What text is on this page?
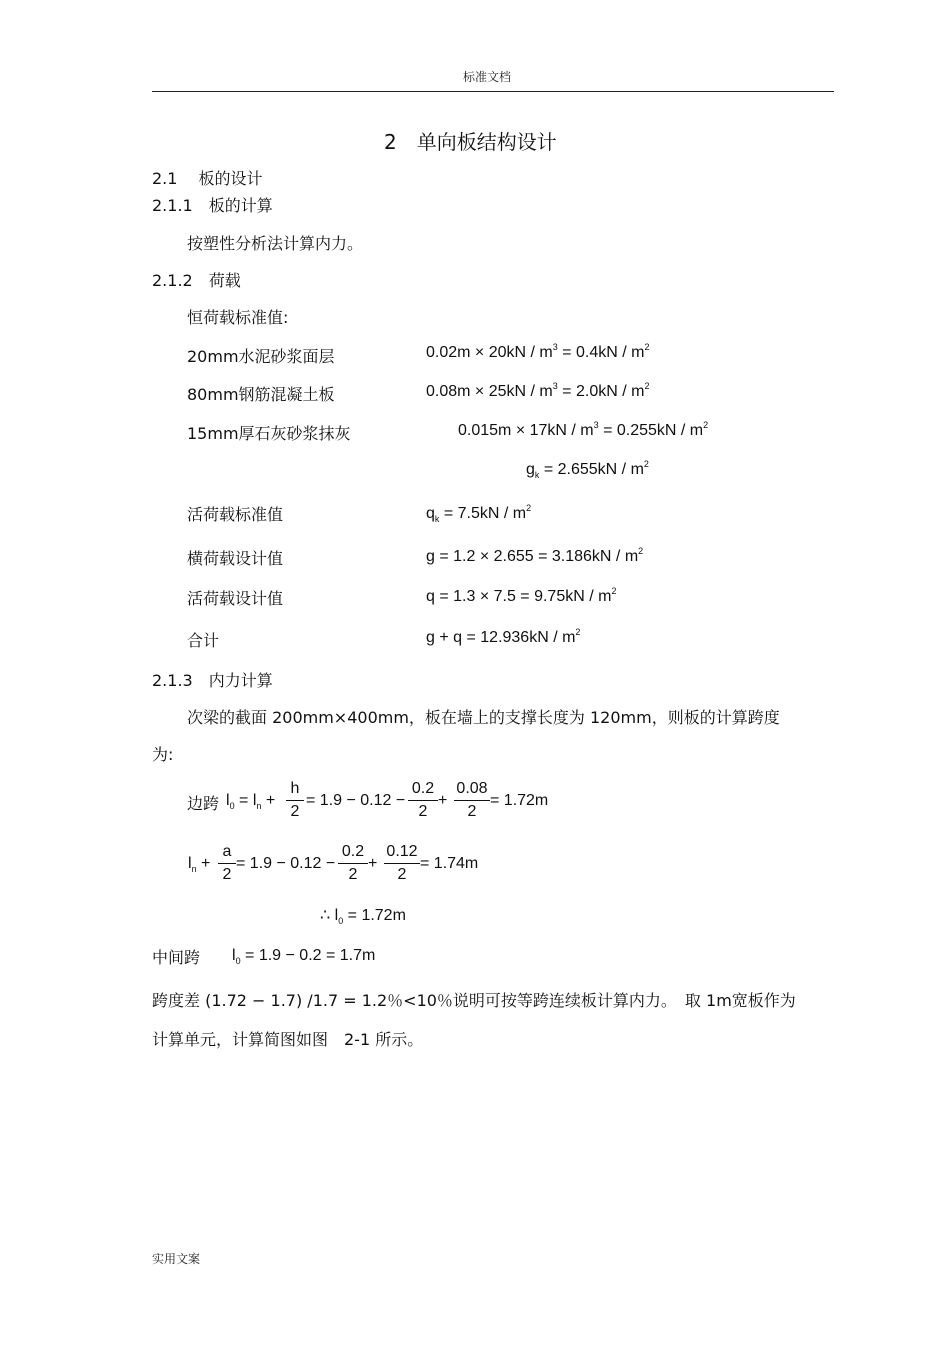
标准文档
2　单向板结构设计
2.1　 板的设计
2.1.1　板的计算
按塑性分析法计算内力。
2.1.2　荷载
恒荷载标准值:
20mm水泥砂浆面层	$0.02m \times 20kN / m^3 = 0.4kN / m^2$
80mm钢筋混凝土板	$0.08m \times 25kN / m^3 = 2.0kN / m^2$
15mm厚石灰砂浆抹灰	$0.015m \times 17kN / m^3 = 0.255kN / m^2$
$g_k = 2.655kN / m^2$
活荷载标准值	$q_k = 7.5kN / m^2$
横荷载设计值	$g = 1.2 \times 2.655 = 3.186kN / m^2$
活荷载设计值	$q = 1.3 \times 7.5 = 9.75kN / m^2$
合计	$g + q = 12.936kN / m^2$
2.1.3　内力计算
次梁的截面 200mm×400mm，板在墙上的支撑长度为 120mm，则板的计算跨度
为:
边跨 $l_0 = l_n$ +
h
2
= 1.9 − 0.12 −
0.2
2
+
0.08
2
= 1.72m
$l_n$ +
a
2
= 1.9 − 0.12 −
0.2
2
+
0.12
2
= 1.74m
∴ $l_0 = 1.72m$
中间跨 $l_0 = 1.9 - 0.2 = 1.7m$
跨度差 (1.72 − 1.7) /1.7 = 1.2％<10％说明可按等跨连续板计算内力。　取 1m宽板作为
计算单元，计算简图如图　2-1 所示。
实用文案
